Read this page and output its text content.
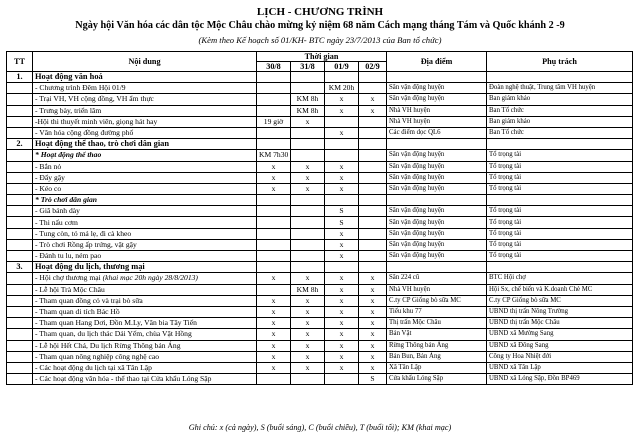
LỊCH - CHƯƠNG TRÌNH
Ngày hội Văn hóa các dân tộc Mộc Châu chào mừng kỷ niệm 68 năm Cách mạng tháng Tám và Quốc khánh 2 -9
(Kèm theo Kế hoạch số 01/KH- BTC ngày 23/7/2013 của Ban tổ chức)
TT	Nội dung	Thời gian				Địa điểm	Phụ trách
		30/8	31/8	01/9	02/9		
1.	Hoạt động văn hoá						
	- Chương trình Đêm Hội 01/9			KM 20h		Sân vận động huyện	Đoàn nghệ thuật, Trung tâm VH huyện
	- Trại VH, VH cộng đồng, VH ẩm thực		KM 8h	x	x	Sân vận động huyện	Ban giám khảo
	- Trưng bày, triển lãm		KM 8h	x	x	Nhà VH huyện	Ban Tổ chức
	-Hội thi thuyết minh viên, giọng hát hay	19 giờ	x			Nhà VH huyện	Ban giám khảo
	- Văn hóa cộng đồng đường phố			x		Các điểm dọc QL6	Ban Tổ chức
2.	Hoạt động thể thao, trò chơi dân gian						
	* Hoạt động thể thao	KM 7h30				Sân vận động huyện	Tổ trọng tài
	- Bắn nỏ	x	x	x		Sân vận động huyện	Tổ trọng tài
	- Đẩy gậy	x	x	x		Sân vận động huyện	Tổ trọng tài
	- Kéo co	x	x	x		Sân vận động huyện	Tổ trọng tài
	* Trò chơi dân gian						
	- Giã bánh dày			S		Sân vận động huyện	Tổ trọng tài
	- Thi nấu cơm			S		Sân vận động huyện	Tổ trọng tài
	- Tung còn, tó má lẹ, đi cà kheo			x		Sân vận động huyện	Tổ trọng tài
	- Trò chơi Rồng ấp trứng, vật gậy			x		Sân vận động huyện	Tổ trọng tài
	- Đánh tu lu, ném pao			x		Sân vận động huyện	Tổ trọng tài
3.	Hoạt động du lịch, thương mại						
	- Hội chợ thương mại (khai mạc 20h ngày 28/8/2013)	x	x	x	x	Sân 224 cũ	BTC Hội chợ
	- Lễ hội Trà Mộc Châu		KM 8h	x	x	Nhà VH huyện	Hội Sx, chế biến và K.doanh Chè MC
	- Tham quan đồng cỏ và trại bò sữa	x	x	x	x	C.ty CP Giống bò sữa MC	C.ty CP Giống bò sữa MC
	- Tham quan di tích Bác Hồ	x	x	x	x	Tiểu khu 77	UBND thị trấn Nông Trường
	- Tham quan Hang Dơi, Đồn M.Ly, Văn bia Tây Tiến	x	x	x	x	Thị trấn Mộc Châu	UBND thị trấn Mộc Châu
	- Tham quan, du lịch thác Dải Yếm, chùa Vặt Hồng	x	x	x	x	Bản Vặt	UBND xã Mường Sang
	- Lễ hội Hết Chá, Du lịch Rừng Thông bản Áng	x	x	x	x	Rừng Thông bản Áng	UBND xã Đông Sang
	- Tham quan nông nghiệp công nghệ cao	x	x	x	x	Bản Bun, Bản Áng	Công ty Hoa Nhiệt đới
	- Các hoạt động du lịch tại xã Tân Lập	x	x	x	x	Xã Tân Lập	UBND xã Tân Lập
	- Các hoạt động văn hóa - thể thao tại Cửa khẩu Lóng Sập				S	Cửa khẩu Lóng Sập	UBND xã Lóng Sập, Đồn BP469
Ghi chú: x (cả ngày), S (buổi sáng), C (buổi chiều), T (buổi tối); KM (khai mạc)
